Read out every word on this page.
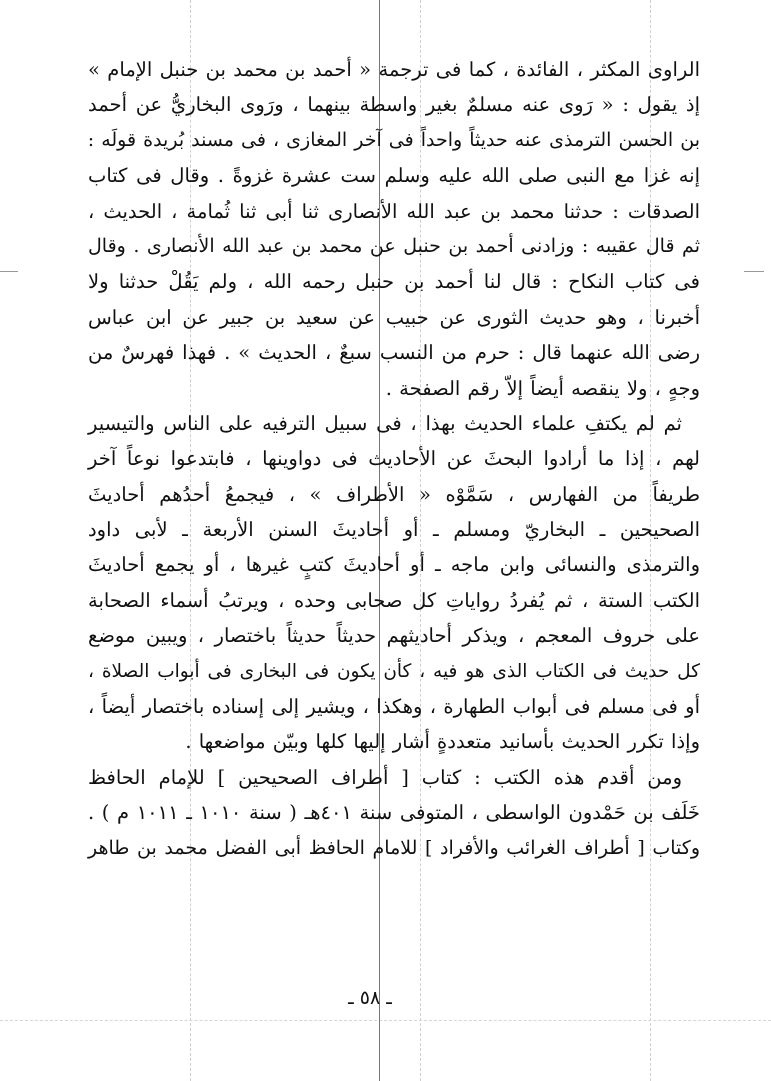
الراوى المكثر ، الفائدة ، كما فى ترجمة « أحمد بن محمد بن حنبل الإمام »
إذ يقول : « رَوى عنه مسلمٌ بغير واسطة بينهما ، ورَوى البخاريُّ عن أحمد
بن الحسن الترمذى عنه حديثاً واحداً فى آخر المغازى ، فى مسند بُريدة قولَه :
إنه غزا مع النبى صلى الله عليه وسلم ست عشرة غزوةً . وقال فى كتاب
الصدقات : حدثنا محمد بن عبد الله الأنصارى ثنا أبى ثنا ثُمامة ، الحديث ،
ثم قال عقيبه : وزادنى أحمد بن حنبل عن محمد بن عبد الله الأنصارى . وقال
فى كتاب النكاح : قال لنا أحمد بن حنبل رحمه الله ، ولم يَقُلْ حدثنا ولا
أخبرنا ، وهو حديث الثورى عن حبيب عن سعيد بن جبير عن ابن عباس
رضى الله عنهما قال : حرم من النسب سبعٌ ، الحديث » . فهذا فهرسٌ من
وجهٍ ، ولا ينقصه أيضاً إلاّ رقم الصفحة .
ثم لم يكتفِ علماء الحديث بهذا ، فى سبيل الترفيه على الناس والتيسير
لهم ، إذا ما أرادوا البحثَ عن الأحاديث فى دواوينها ، فابتدعوا نوعاً آخر
طريفاً من الفهارس ، سَمَّوْه « الأطراف » ، فيجمعُ أحدُهم أحاديثَ
الصحيحين ـ البخاريّ ومسلم ـ أو أحاديثَ السنن الأربعة ـ لأبى داود
والترمذى والنسائى وابن ماجه ـ أو أحاديثَ كتبٍ غيرها ، أو يجمع أحاديثَ
الكتب الستة ، ثم يُفردُ رواياتِ كل صحابى وحده ، ويرتبُ أسماء الصحابة
على حروف المعجم ، ويذكر أحاديثهم حديثاً حديثاً باختصار ، ويبين موضع
كل حديث فى الكتاب الذى هو فيه ، كأن يكون فى البخارى فى أبواب الصلاة ،
أو فى مسلم فى أبواب الطهارة ، وهكذا ، ويشير إلى إسناده باختصار أيضاً ،
وإذا تكرر الحديث بأسانيد متعددةٍ أشار إليها كلها وبيّن مواضعها .
ومن أقدم هذه الكتب : كتاب [ أطراف الصحيحين ] للإمام الحافظ
خَلَف بن حَمْدون الواسطى ، المتوفى سنة ٤٠١هـ ( سنة ١٠١٠ ـ ١٠١١ م ) .
وكتاب [ أطراف الغرائب والأفراد ] للامام الحافظ أبى الفضل محمد بن طاهر
ـ ٥٨ ـ
